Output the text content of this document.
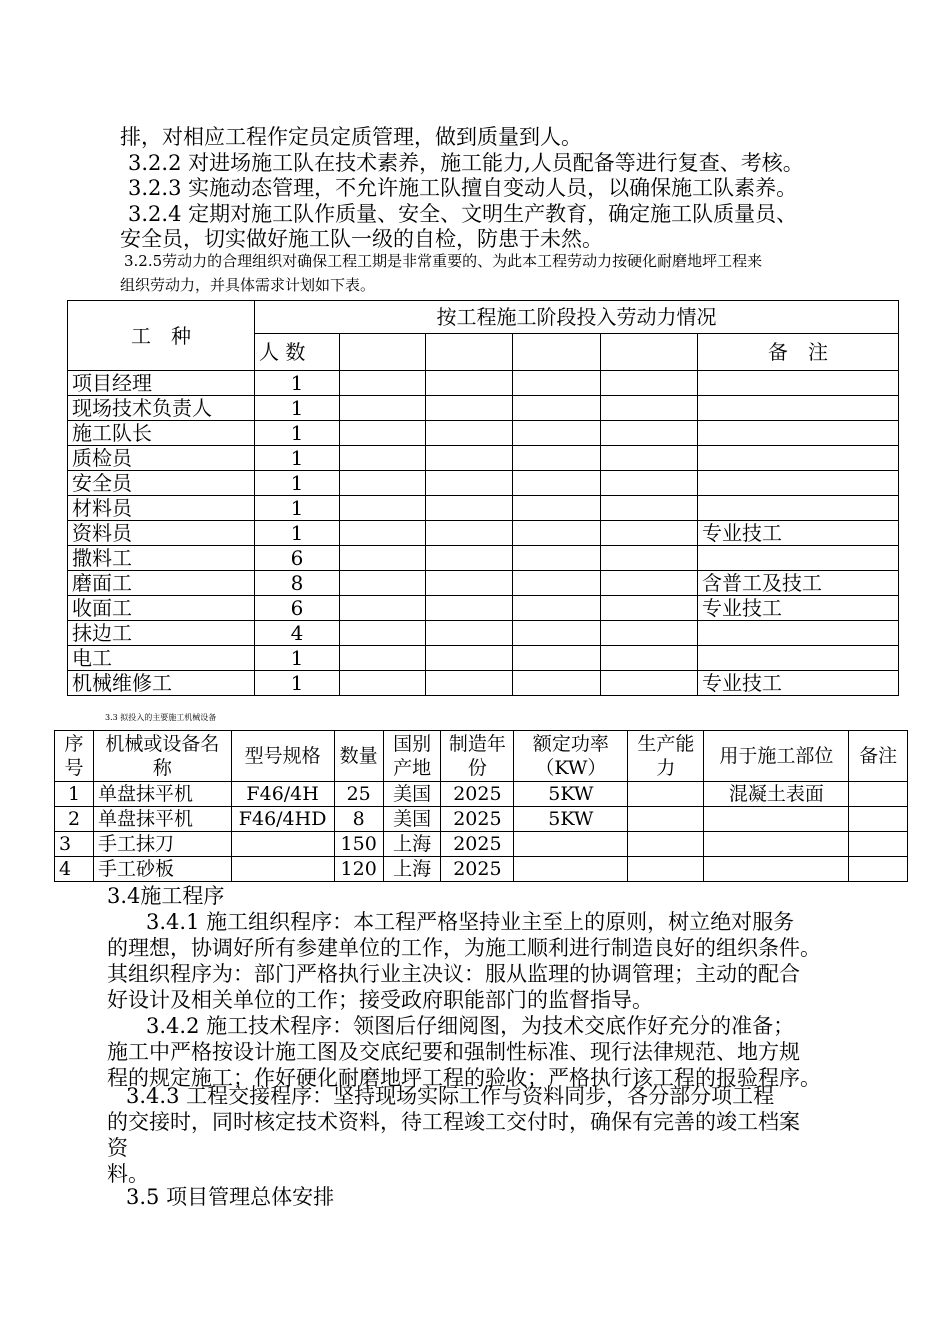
排，对相应工程作定员定质管理，做到质量到人。
3.2.2 对进场施工队在技术素养，施工能力,人员配备等进行复查、考核。
3.2.3 实施动态管理，不允许施工队擅自变动人员，以确保施工队素养。
3.2.4 定期对施工队作质量、安全、文明生产教育，确定施工队质量员、
安全员，切实做好施工队一级的自检，防患于未然。
3.2.5劳动力的合理组织对确保工程工期是非常重要的、为此本工程劳动力按硬化耐磨地坪工程来
组织劳动力，并具体需求计划如下表。
工　种	按工程施工阶段投入劳动力情况					
	人 数					备　注
项目经理	1					
现场技术负责人	1					
施工队长	1					
质检员	1					
安全员	1					
材料员	1					
资料员	1					专业技工
撒料工	6					
磨面工	8					含普工及技工
收面工	6					专业技工
抹边工	4					
电工	1					
机械维修工	1					专业技工
3.3 拟投入的主要施工机械设备
序号	机械或设备名称	型号规格	数量	国别产地	制造年份	额定功率（KW）	生产能力	用于施工部位	备注
1	单盘抹平机	F46/4H	25	美国	2025	5KW		混凝土表面	
2	单盘抹平机	F46/4HD	8	美国	2025	5KW			
3	手工抹刀		150	上海	2025				
4	手工砂板		120	上海	2025				
3.4施工程序
3.4.1 施工组织程序：本工程严格坚持业主至上的原则，树立绝对服务
的理想，协调好所有参建单位的工作，为施工顺利进行制造良好的组织条件。
其组织程序为：部门严格执行业主决议：服从监理的协调管理；主动的配合
好设计及相关单位的工作；接受政府职能部门的监督指导。
3.4.2 施工技术程序：领图后仔细阅图，为技术交底作好充分的准备；
施工中严格按设计施工图及交底纪要和强制性标准、现行法律规范、地方规
程的规定施工；作好硬化耐磨地坪工程的验收；严格执行该工程的报验程序。
3.4.3 工程交接程序：坚持现场实际工作与资料同步，各分部分项工程
的交接时，同时核定技术资料，待工程竣工交付时，确保有完善的竣工档案
资
料。
3.5 项目管理总体安排
